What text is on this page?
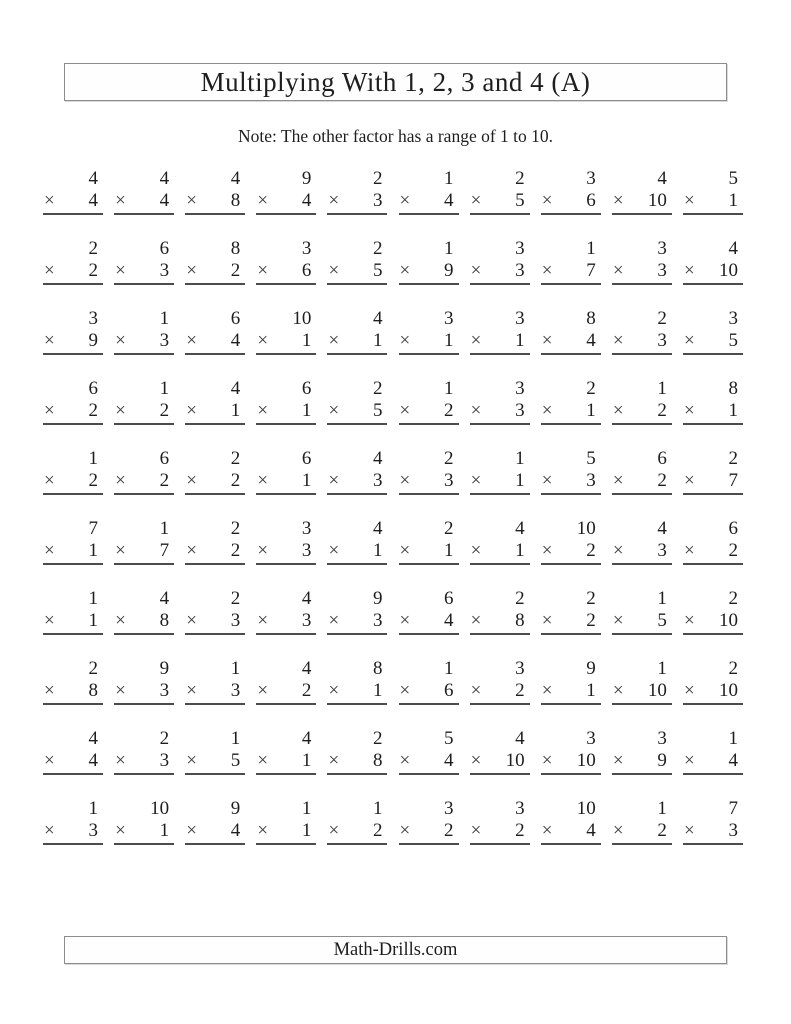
Multiplying With 1, 2, 3 and 4 (A)
Note: The other factor has a range of 1 to 10.
4
× 4
4
× 4
4
× 8
9
× 4
2
× 3
1
× 4
2
× 5
3
× 6
4
× 10
5
× 1
2
× 2
6
× 3
8
× 2
3
× 6
2
× 5
1
× 9
3
× 3
1
× 7
3
× 3
4
× 10
3
× 9
1
× 3
6
× 4
10
× 1
4
× 1
3
× 1
3
× 1
8
× 4
2
× 3
3
× 5
6
× 2
1
× 2
4
× 1
6
× 1
2
× 5
1
× 2
3
× 3
2
× 1
1
× 2
8
× 1
1
× 2
6
× 2
2
× 2
6
× 1
4
× 3
2
× 3
1
× 1
5
× 3
6
× 2
2
× 7
7
× 1
1
× 7
2
× 2
3
× 3
4
× 1
2
× 1
4
× 1
10
× 2
4
× 3
6
× 2
1
× 1
4
× 8
2
× 3
4
× 3
9
× 3
6
× 4
2
× 8
2
× 2
1
× 5
2
× 10
2
× 8
9
× 3
1
× 3
4
× 2
8
× 1
1
× 6
3
× 2
9
× 1
1
× 10
2
× 10
4
× 4
2
× 3
1
× 5
4
× 1
2
× 8
5
× 4
4
× 10
3
× 10
3
× 9
1
× 4
1
× 3
10
× 1
9
× 4
1
× 1
1
× 2
3
× 2
3
× 2
10
× 4
1
× 2
7
× 3
Math-Drills.com
